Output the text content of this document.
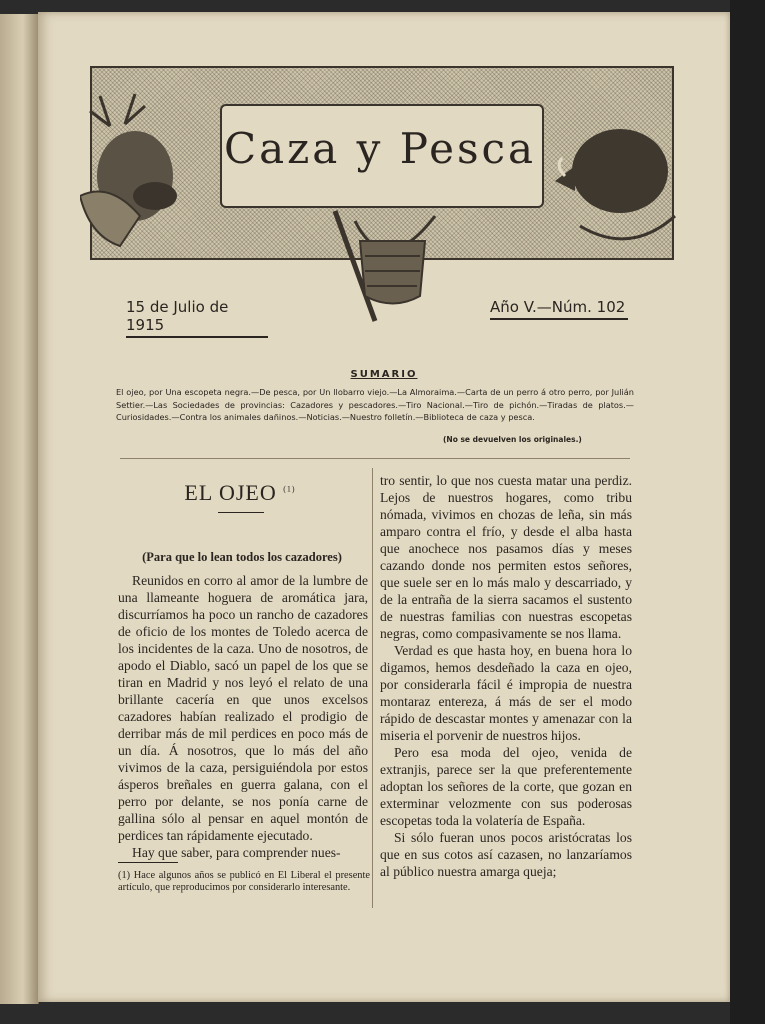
Caza y Pesca
15 de Julio de 1915
Año V.—Núm. 102
SUMARIO
El ojeo, por Una escopeta negra.—De pesca, por Un llobarro viejo.—La Almoraima.—Carta de un perro á otro perro, por Julián Settier.—Las Sociedades de provincias: Cazadores y pescadores.—Tiro Nacional.—Tiro de pichón.—Tiradas de platos.—Curiosidades.—Contra los animales dañinos.—Noticias.—Nuestro folletín.—Biblioteca de caza y pesca.
(No se devuelven los originales.)
EL OJEO $^{(1)}$
(Para que lo lean todos los cazadores)

Reunidos en corro al amor de la lumbre de una llameante hoguera de aromática jara, discurríamos ha poco un rancho de cazadores de oficio de los montes de Toledo acerca de los incidentes de la caza. Uno de nosotros, de apodo el Diablo, sacó un papel de los que se tiran en Madrid y nos leyó el relato de una brillante cacería en que unos excelsos cazadores habían realizado el prodigio de derribar más de mil perdices en poco más de un día. Á nosotros, que lo más del año vivimos de la caza, persiguiéndola por estos ásperos breñales en guerra galana, con el perro por delante, se nos ponía carne de gallina sólo al pensar en aquel montón de perdices tan rápidamente ejecutado.

Hay que saber, para comprender nues-

(1) Hace algunos años se publicó en El Liberal el presente artículo, que reproducimos por considerarlo interesante.

tro sentir, lo que nos cuesta matar una perdiz. Lejos de nuestros hogares, como tribu nómada, vivimos en chozas de leña, sin más amparo contra el frío, y desde el alba hasta que anochece nos pasamos días y meses cazando donde nos permiten estos señores, que suele ser en lo más malo y descarriado, y de la entraña de la sierra sacamos el sustento de nuestras familias con nuestras escopetas negras, como compasivamente se nos llama.

Verdad es que hasta hoy, en buena hora lo digamos, hemos desdeñado la caza en ojeo, por considerarla fácil é impropia de nuestra montaraz entereza, á más de ser el modo rápido de descastar montes y amenazar con la miseria el porvenir de nuestros hijos.

Pero esa moda del ojeo, venida de extranjis, parece ser la que preferentemente adoptan los señores de la corte, que gozan en exterminar velozmente con sus poderosas escopetas toda la volatería de España.

Si sólo fueran unos pocos aristócratas los que en sus cotos así cazasen, no lanzaríamos al público nuestra amarga queja;
